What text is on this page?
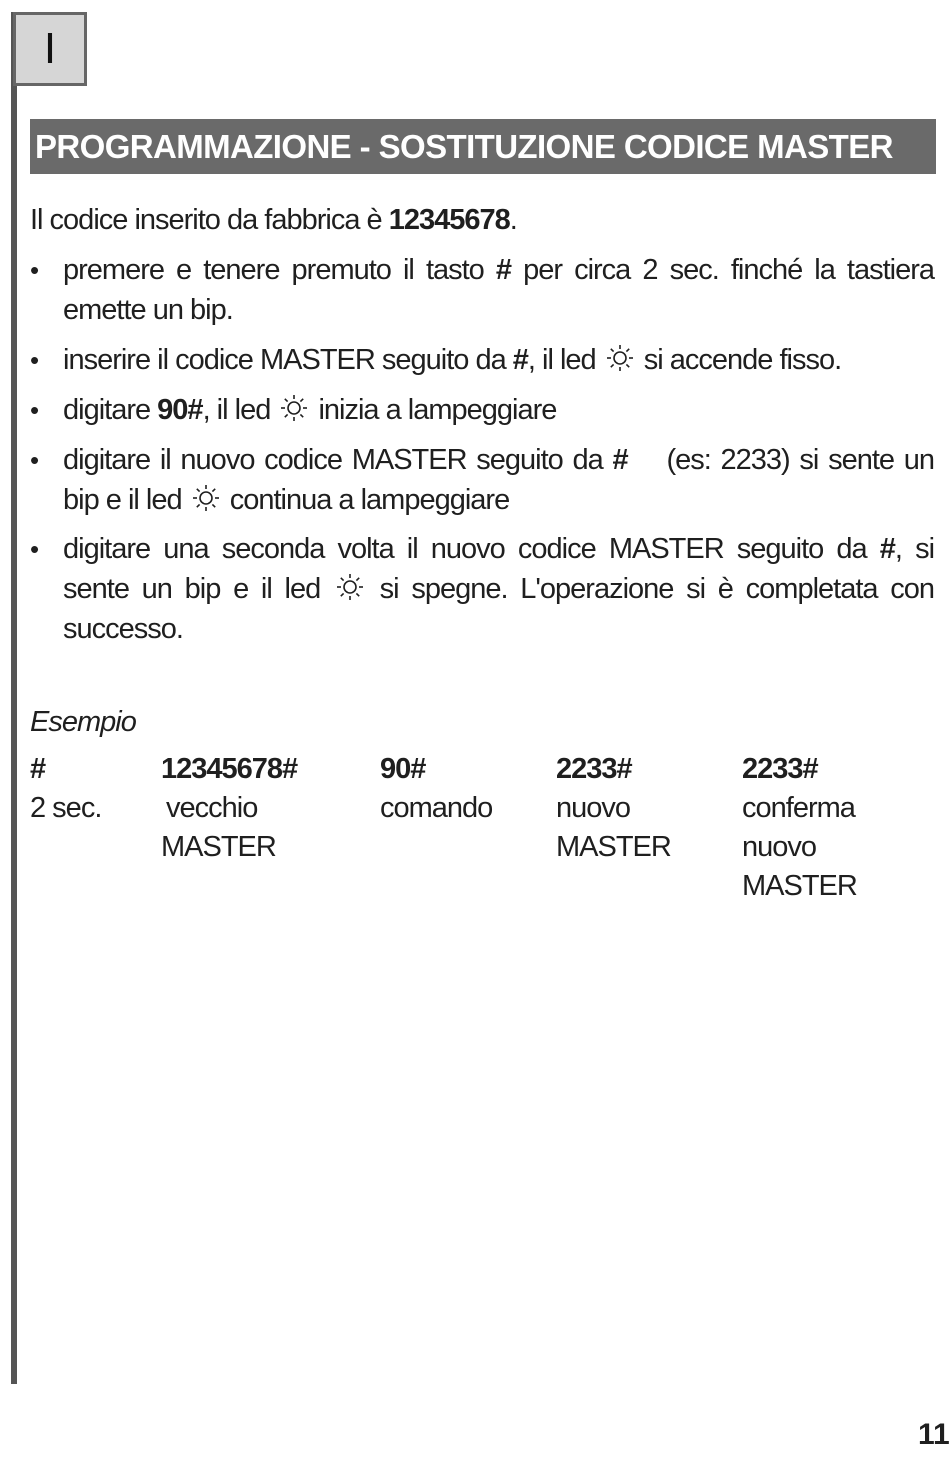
I
PROGRAMMAZIONE - SOSTITUZIONE CODICE MASTER
Il codice inserito da fabbrica è 12345678.
• premere e tenere premuto il tasto # per circa 2 sec. finché la tastiera
emette un bip.
• inserire il codice MASTER seguito da #, il led  si accende fisso.
• digitare 90#, il led  inizia a lampeggiare
• digitare il nuovo codice MASTER seguito da #    (es: 2233) si sente un
bip e il led  continua a lampeggiare
• digitare una seconda volta il nuovo codice MASTER seguito da #, si
sente un bip e il led  si spegne. L'operazione si è completata con
successo.
Esempio
#
2 sec.
12345678#
vecchio
MASTER
90#
comando
2233#
nuovo
MASTER
2233#
conferma
nuovo
MASTER
11
